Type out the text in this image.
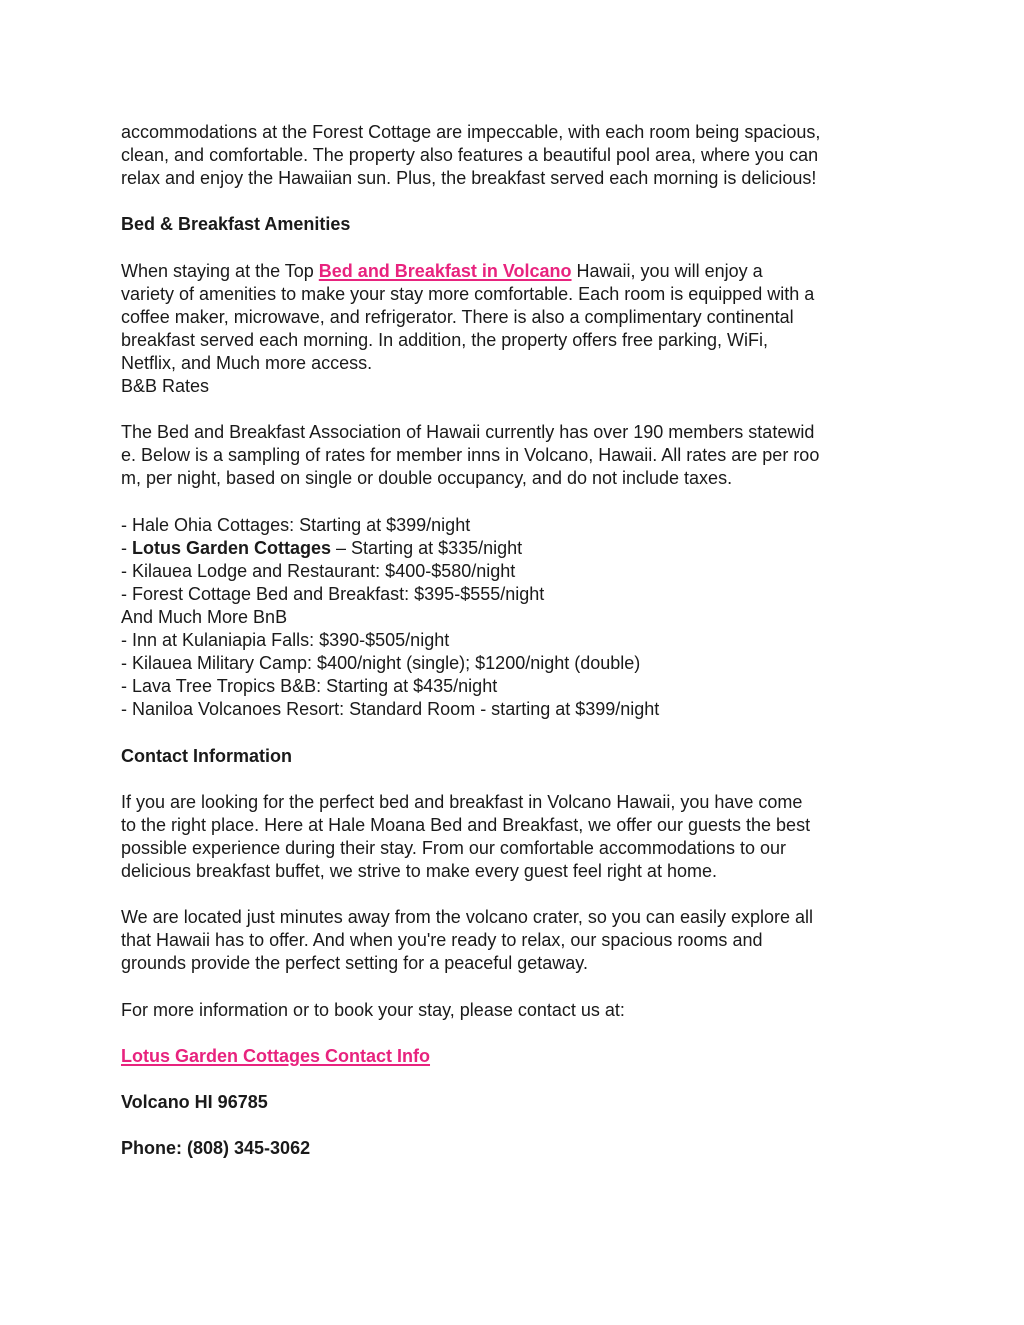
accommodations at the Forest Cottage are impeccable, with each room being spacious,
clean, and comfortable. The property also features a beautiful pool area, where you can
relax and enjoy the Hawaiian sun. Plus, the breakfast served each morning is delicious!

Bed & Breakfast Amenities

When staying at the Top Bed and Breakfast in Volcano Hawaii, you will enjoy a
variety of amenities to make your stay more comfortable. Each room is equipped with a
coffee maker, microwave, and refrigerator. There is also a complimentary continental
breakfast served each morning. In addition, the property offers free parking, WiFi,
Netflix, and Much more access.
B&B Rates

The Bed and Breakfast Association of Hawaii currently has over 190 members statewid
e. Below is a sampling of rates for member inns in Volcano, Hawaii. All rates are per roo
m, per night, based on single or double occupancy, and do not include taxes.

- Hale Ohia Cottages: Starting at $399/night
- Lotus Garden Cottages – Starting at $335/night
- Kilauea Lodge and Restaurant: $400-$580/night
- Forest Cottage Bed and Breakfast: $395-$555/night
And Much More BnB
- Inn at Kulaniapia Falls: $390-$505/night
- Kilauea Military Camp: $400/night (single); $1200/night (double)
- Lava Tree Tropics B&B: Starting at $435/night
- Naniloa Volcanoes Resort: Standard Room - starting at $399/night

Contact Information

If you are looking for the perfect bed and breakfast in Volcano Hawaii, you have come
to the right place. Here at Hale Moana Bed and Breakfast, we offer our guests the best
possible experience during their stay. From our comfortable accommodations to our
delicious breakfast buffet, we strive to make every guest feel right at home.

We are located just minutes away from the volcano crater, so you can easily explore all
that Hawaii has to offer. And when you're ready to relax, our spacious rooms and
grounds provide the perfect setting for a peaceful getaway.

For more information or to book your stay, please contact us at:

Lotus Garden Cottages Contact Info

Volcano HI 96785

Phone: (808) 345-3062
